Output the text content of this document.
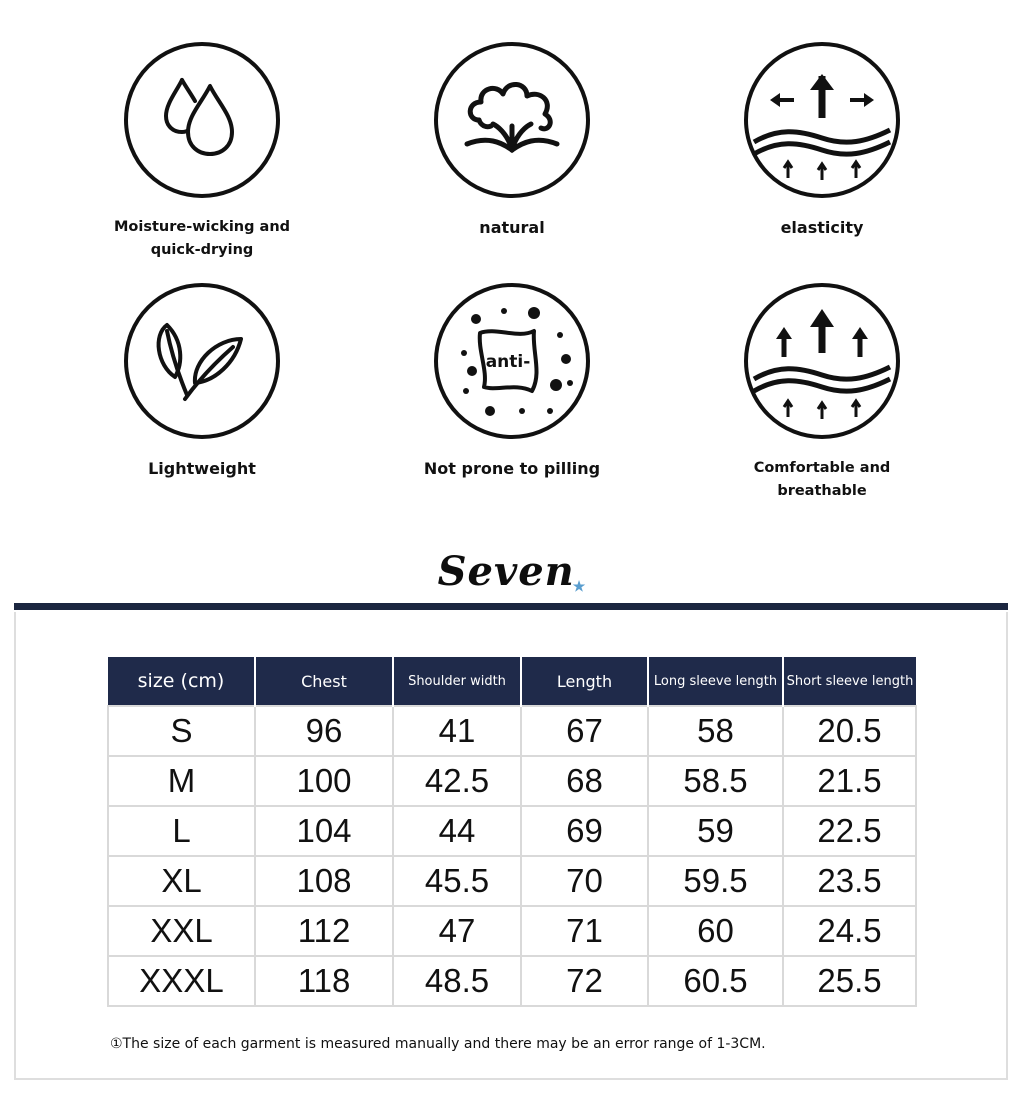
Moisture-wicking and quick-drying
natural	elasticity
Lightweight
anti-
Not prone to pilling	Comfortable and breathable
Seven★
size (cm)	Chest	Shoulder width	Length	Long sleeve length	Short sleeve length
S	96	41	67	58	20.5
M	100	42.5	68	58.5	21.5
L	104	44	69	59	22.5
XL	108	45.5	70	59.5	23.5
XXL	112	47	71	60	24.5
XXXL	118	48.5	72	60.5	25.5
①The size of each garment is measured manually and there may be an error range of 1-3CM.
